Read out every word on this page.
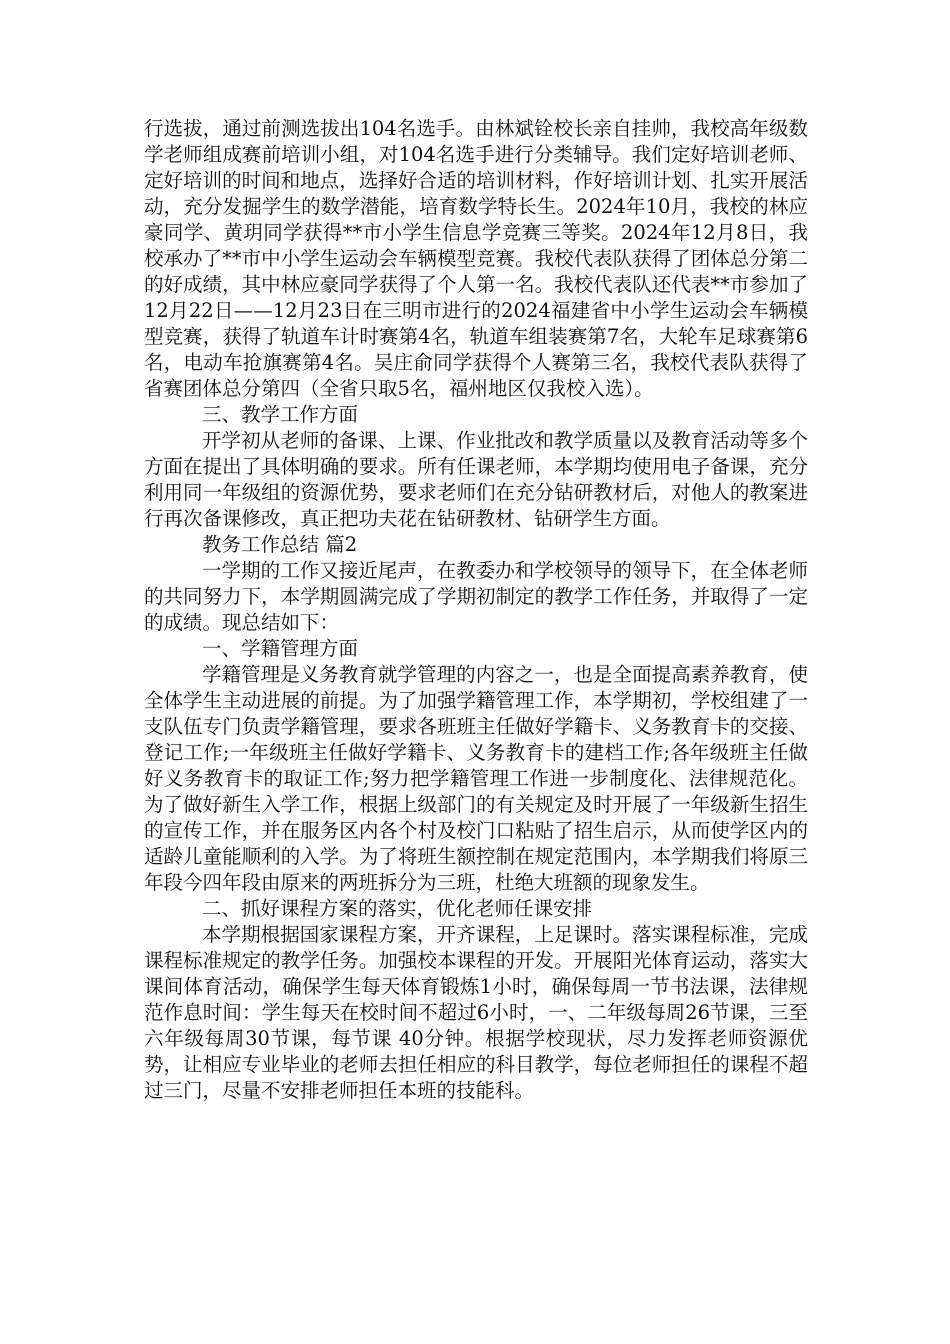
行选拔，通过前测选拔出104名选手。由林斌铨校长亲自挂帅，我校高年级数学老师组成赛前培训小组，对104名选手进行分类辅导。我们定好培训老师、定好培训的时间和地点，选择好合适的培训材料，作好培训计划、扎实开展活动，充分发掘学生的数学潜能，培育数学特长生。2024年10月，我校的林应豪同学、黄玥同学获得**市小学生信息学竞赛三等奖。2024年12月8日，我校承办了**市中小学生运动会车辆模型竞赛。我校代表队获得了团体总分第二的好成绩，其中林应豪同学获得了个人第一名。我校代表队还代表**市参加了12月22日——12月23日在三明市进行的2024福建省中小学生运动会车辆模型竞赛，获得了轨道车计时赛第4名，轨道车组装赛第7名，大轮车足球赛第6名，电动车抢旗赛第4名。吴庄俞同学获得个人赛第三名，我校代表队获得了省赛团体总分第四（全省只取5名，福州地区仅我校入选）。

三、教学工作方面

开学初从老师的备课、上课、作业批改和教学质量以及教育活动等多个方面在提出了具体明确的要求。所有任课老师，本学期均使用电子备课，充分利用同一年级组的资源优势，要求老师们在充分钻研教材后，对他人的教案进行再次备课修改，真正把功夫花在钻研教材、钻研学生方面。

教务工作总结 篇2

一学期的工作又接近尾声，在教委办和学校领导的领导下，在全体老师的共同努力下，本学期圆满完成了学期初制定的教学工作任务，并取得了一定的成绩。现总结如下：

一、学籍管理方面

学籍管理是义务教育就学管理的内容之一，也是全面提高素养教育，使全体学生主动进展的前提。为了加强学籍管理工作，本学期初，学校组建了一支队伍专门负责学籍管理，要求各班班主任做好学籍卡、义务教育卡的交接、登记工作;一年级班主任做好学籍卡、义务教育卡的建档工作;各年级班主任做好义务教育卡的取证工作;努力把学籍管理工作进一步制度化、法律规范化。为了做好新生入学工作，根据上级部门的有关规定及时开展了一年级新生招生的宣传工作，并在服务区内各个村及校门口粘贴了招生启示，从而使学区内的适龄儿童能顺利的入学。为了将班生额控制在规定范围内，本学期我们将原三年段今四年段由原来的两班拆分为三班，杜绝大班额的现象发生。

二、抓好课程方案的落实，优化老师任课安排

本学期根据国家课程方案，开齐课程，上足课时。落实课程标准，完成课程标准规定的教学任务。加强校本课程的开发。开展阳光体育运动，落实大课间体育活动，确保学生每天体育锻炼1小时，确保每周一节书法课，法律规范作息时间：学生每天在校时间不超过6小时，一、二年级每周26节课，三至六年级每周30节课，每节课 40分钟。根据学校现状，尽力发挥老师资源优势，让相应专业毕业的老师去担任相应的科目教学，每位老师担任的课程不超过三门，尽量不安排老师担任本班的技能科。
